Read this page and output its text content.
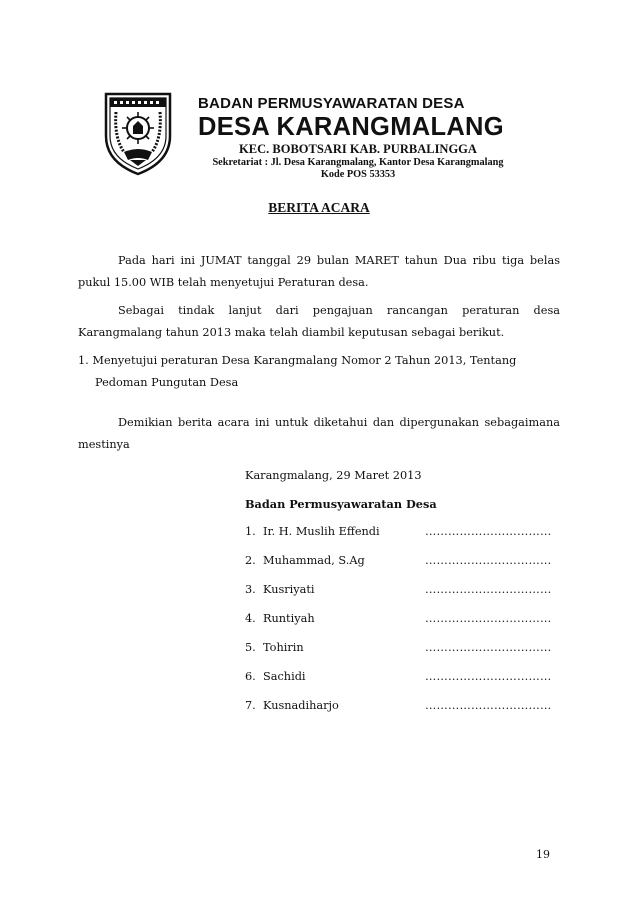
BADAN PERMUSYAWARATAN DESA
DESA KARANGMALANG
KEC. BOBOTSARI KAB. PURBALINGGA
Sekretariat : Jl. Desa Karangmalang, Kantor Desa Karangmalang
Kode POS 53353
BERITA ACARA
Pada hari ini JUMAT tanggal 29 bulan MARET tahun Dua ribu tiga belas pukul 15.00 WIB telah menyetujui Peraturan desa.
Sebagai tindak lanjut dari pengajuan rancangan peraturan desa Karangmalang tahun 2013 maka telah diambil keputusan sebagai berikut.
1. Menyetujui peraturan Desa Karangmalang Nomor 2 Tahun 2013, Tentang
Pedoman Pungutan Desa
Demikian berita acara ini untuk diketahui dan dipergunakan sebagaimana mestinya
Karangmalang, 29 Maret 2013
Badan Permusyawaratan Desa
1. Ir. H. Muslih Effendi	……………………………
2. Muhammad, S.Ag	……………………………
3. Kusriyati	……………………………
4. Runtiyah	……………………………
5. Tohirin	……………………………
6. Sachidi	……………………………
7. Kusnadiharjo	……………………………
19
